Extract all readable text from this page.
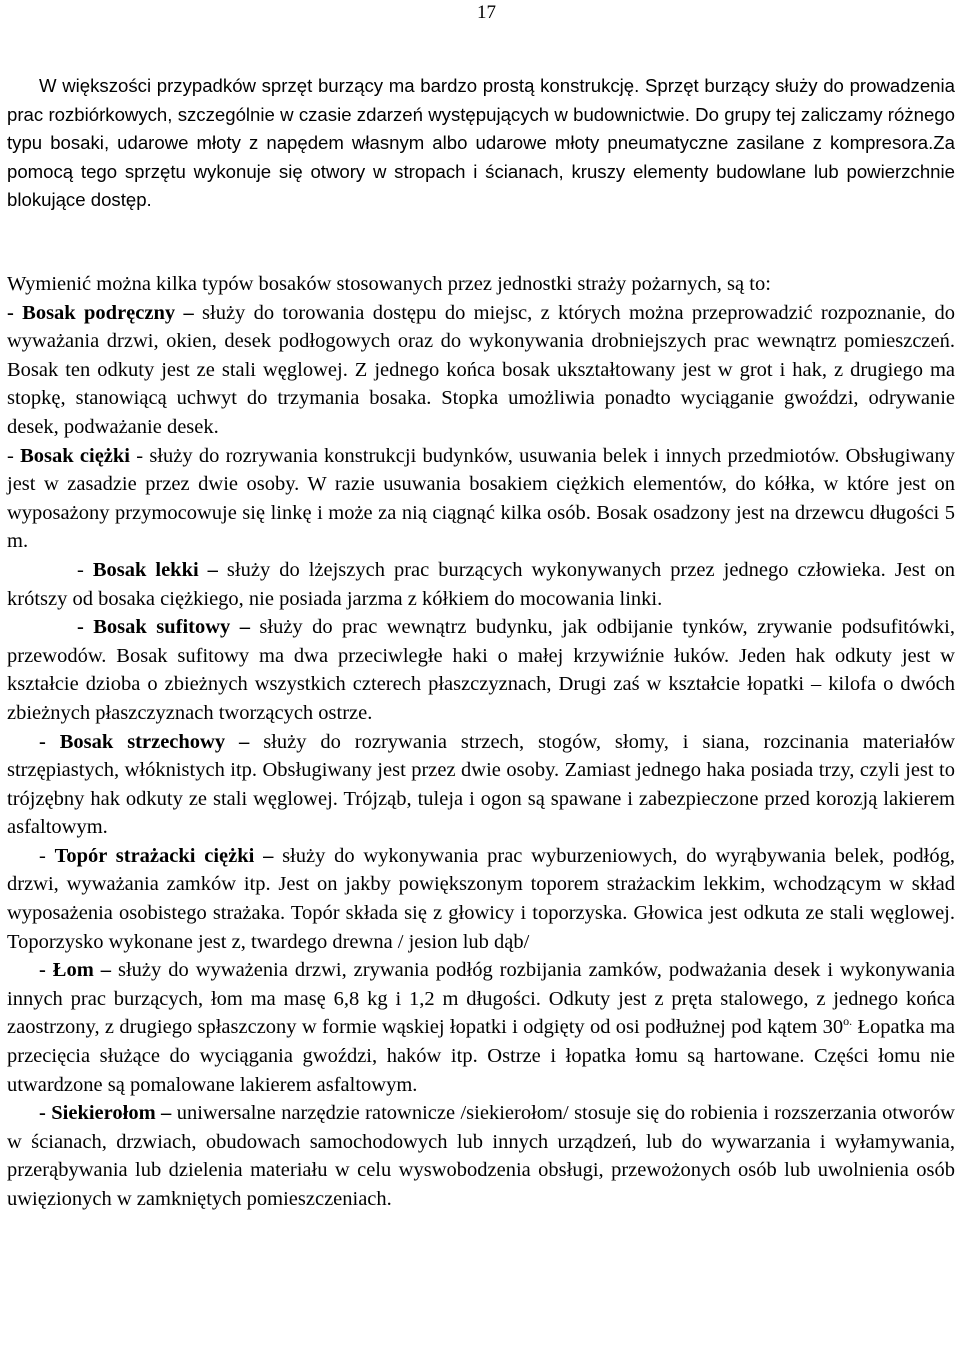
17

W większości przypadków sprzęt burzący ma bardzo prostą konstrukcję. Sprzęt burzący służy do prowadzenia prac rozbiórkowych, szczególnie w czasie zdarzeń występujących w budownictwie. Do grupy tej zaliczamy różnego typu bosaki, udarowe młoty z napędem własnym albo udarowe młoty pneumatyczne zasilane z kompresora.Za pomocą tego sprzętu wykonuje się otwory w stropach i ścianach, kruszy elementy budowlane lub powierzchnie blokujące dostęp.

Wymienić można kilka typów bosaków stosowanych przez jednostki straży pożarnych, są to:

- Bosak podręczny – służy do torowania dostępu do miejsc, z których można przeprowadzić rozpoznanie, do wyważania drzwi, okien, desek podłogowych oraz do wykonywania drobniejszych prac wewnątrz pomieszczeń. Bosak ten odkuty jest ze stali węglowej. Z jednego końca bosak ukształtowany jest w grot i hak, z drugiego ma stopkę, stanowiącą uchwyt do trzymania bosaka. Stopka umożliwia ponadto wyciąganie gwoździ, odrywanie desek, podważanie desek.

- Bosak ciężki - służy do rozrywania konstrukcji budynków, usuwania belek i innych przedmiotów. Obsługiwany jest w zasadzie przez dwie osoby. W razie usuwania bosakiem ciężkich elementów, do kółka, w które jest on wyposażony przymocowuje się linkę i może za nią ciągnąć kilka osób. Bosak osadzony jest na drzewcu długości 5 m.

- Bosak lekki – służy do lżejszych prac burzących wykonywanych przez jednego człowieka. Jest on krótszy od bosaka ciężkiego, nie posiada jarzma z kółkiem do mocowania linki.

- Bosak sufitowy – służy do prac wewnątrz budynku, jak odbijanie tynków, zrywanie podsufitówki, przewodów. Bosak sufitowy ma dwa przeciwległe haki o małej krzywiźnie łuków. Jeden hak odkuty jest w kształcie dzioba o zbieżnych wszystkich czterech płaszczyznach, Drugi zaś w kształcie łopatki – kilofa o dwóch zbieżnych płaszczyznach tworzących ostrze.

- Bosak strzechowy – służy do rozrywania strzech, stogów, słomy, i siana, rozcinania materiałów strzępiastych, włóknistych itp. Obsługiwany jest przez dwie osoby. Zamiast jednego haka posiada trzy, czyli jest to trójzębny hak odkuty ze stali węglowej. Trójząb, tuleja i ogon są spawane i zabezpieczone przed korozją lakierem asfaltowym.

- Topór strażacki ciężki – służy do wykonywania prac wyburzeniowych, do wyrąbywania belek, podłóg, drzwi, wyważania zamków itp. Jest on jakby powiększonym toporem strażackim lekkim, wchodzącym w skład wyposażenia osobistego strażaka. Topór składa się z głowicy i toporzyska. Głowica jest odkuta ze stali węglowej. Toporzysko wykonane jest z, twardego drewna / jesion lub dąb/

- Łom – służy do wyważenia drzwi, zrywania podłóg rozbijania zamków, podważania desek i wykonywania innych prac burzących, łom ma masę 6,8 kg i 1,2 m długości. Odkuty jest z pręta stalowego, z jednego końca zaostrzony, z drugiego spłaszczony w formie wąskiej łopatki i odgięty od osi podłużnej pod kątem $30^{o.}$ Łopatka ma przecięcia służące do wyciągania gwoździ, haków itp. Ostrze i łopatka łomu są hartowane. Części łomu nie utwardzone są pomalowane lakierem asfaltowym.

- Siekierołom – uniwersalne narzędzie ratownicze /siekierołom/ stosuje się do robienia i rozszerzania otworów w ścianach, drzwiach, obudowach samochodowych lub innych urządzeń, lub do wywarzania i wyłamywania, przerąbywania lub dzielenia materiału w celu wyswobodzenia obsługi, przewożonych osób lub uwolnienia osób uwięzionych w zamkniętych pomieszczeniach.
